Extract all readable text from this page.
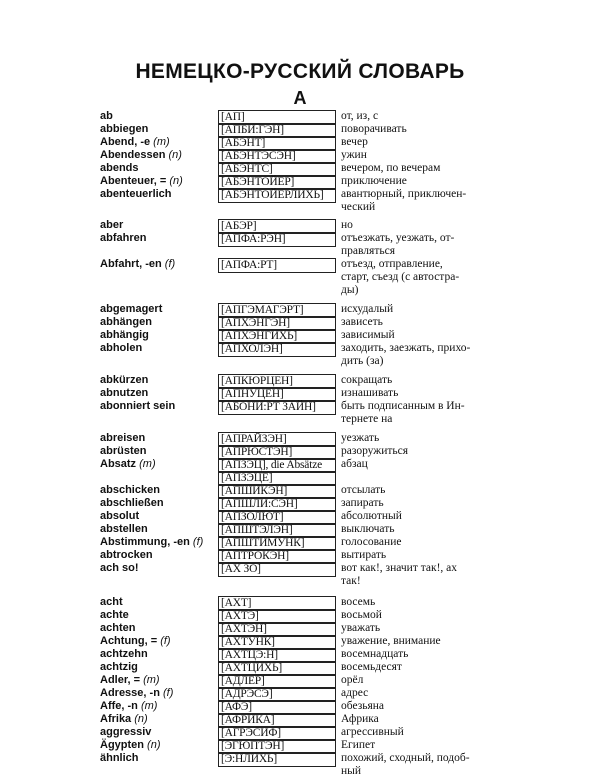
НЕМЕЦКО-РУССКИЙ СЛОВАРЬ
A
ab	[АП]	от, из, с
abbiegen	[АПБИ:ГЭН]	поворачивать
Abend, -e (m)	[АБЭНТ]	вечер
Abendessen (n)	[АБЭНТЭСЭН]	ужин
abends	[АБЭНТС]	вечером, по вечерам
Abenteuer, = (n)	[АБЭНТОЙЕР]	приключение
abenteuerlich	[АБЭНТОЙЕРЛИХЬ]	авантюрный, приключен-
ческий
aber	[АБЭР]	но
abfahren	[АПФА:РЭН]	отъезжать, уезжать, от-
правляться
Abfahrt, -en (f)	[АПФА:РТ]	отъезд, отправление,
старт, съезд (с автостра-
ды)
abgemagert	[АПГЭМАГЭРТ]	исхудалый
abhängen	[АПХЭНГЭН]	зависеть
abhängig	[АПХЭНГИХЬ]	зависимый
abholen	[АПХОЛЭН]	заходить, заезжать, прихо-
дить (за)
abkürzen	[АПКЮРЦЕН]	сокращать
abnutzen	[АПНУЦЕН]	изнашивать
abonniert sein	[АБОНИ:РТ ЗАЙН]	быть подписанным в Ин-
тернете на
abreisen	[АПРАЙЗЭН]	уезжать
abrüsten	[АПРЮСТЭН]	разоружиться
Absatz (m)	[АПЗЭЦ], die Absätze	абзац
[АПЗЭЦЕ]
abschicken	[АПШИКЭН]	отсылать
abschließen	[АПШЛИ:СЭН]	запирать
absolut	[АПЗОЛЮТ]	абсолютный
abstellen	[АПШТЭЛЭН]	выключать
Abstimmung, -en (f)	[АПШТИМУНК]	голосование
abtrocken	[АПТРОКЭН]	вытирать
ach so!	[АХ ЗО]	вот как!, значит так!, ах
так!
acht	[АХТ]	восемь
achte	[АХТЭ]	восьмой
achten	[АХТЭН]	уважать
Achtung, = (f)	[АХТУНК]	уважение, внимание
achtzehn	[АХТЦЭ:Н]	восемнадцать
achtzig	[АХТЦИХЬ]	восемьдесят
Adler, = (m)	[АДЛЕР]	орёл
Adresse, -n (f)	[АДРЭСЭ]	адрес
Affe, -n (m)	[АФЭ]	обезьяна
Afrika (n)	[АФРИКА]	Африка
aggressiv	[АГРЭСИФ]	агрессивный
Ägypten (n)	[ЭГЮПТЭН]	Египет
ähnlich	[Э:НЛИХЬ]	похожий, сходный, подоб-
ный
